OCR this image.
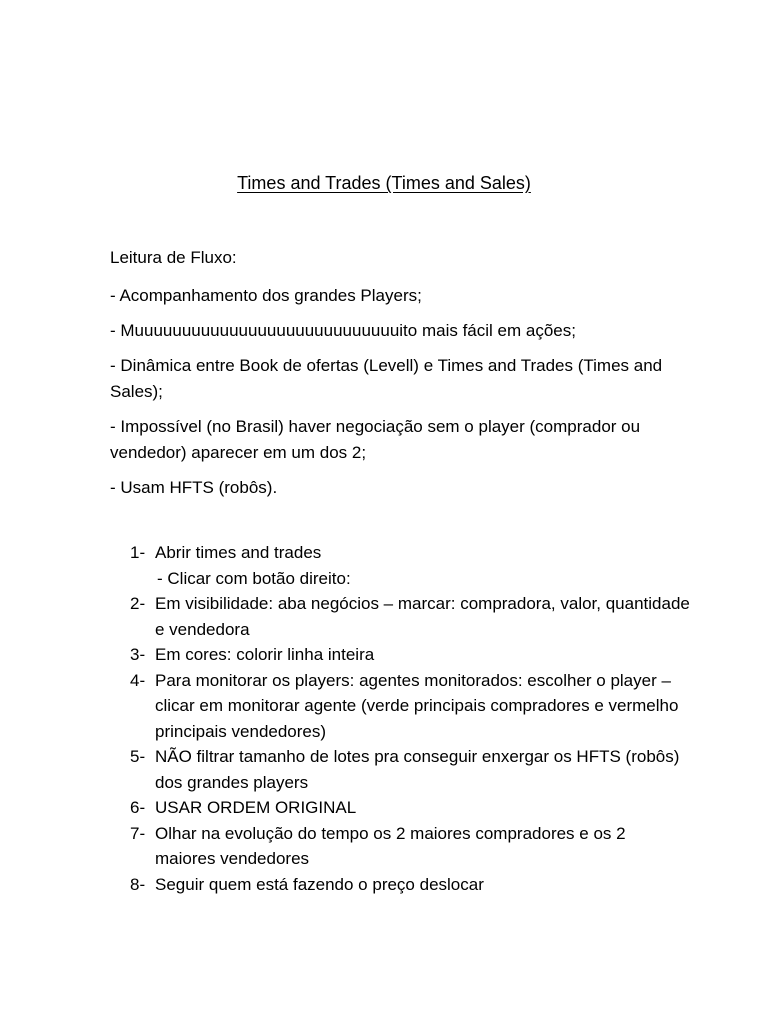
Times and Trades (Times and Sales)

Leitura de Fluxo:

- Acompanhamento dos grandes Players;

- Muuuuuuuuuuuuuuuuuuuuuuuuuuuuito mais fácil em ações;

- Dinâmica entre Book de ofertas (Levell) e Times and Trades (Times and Sales);

- Impossível (no Brasil) haver negociação sem o player (comprador ou vendedor) aparecer em um dos 2;

- Usam HFTS (robôs).

1- Abrir times and trades
- Clicar com botão direito:
2- Em visibilidade: aba negócios – marcar: compradora, valor, quantidade e vendedora
3- Em cores: colorir linha inteira
4- Para monitorar os players: agentes monitorados: escolher o player – clicar em monitorar agente (verde principais compradores e vermelho principais vendedores)
5- NÃO filtrar tamanho de lotes pra conseguir enxergar os HFTS (robôs) dos grandes players
6- USAR ORDEM ORIGINAL
7- Olhar na evolução do tempo os 2 maiores compradores e os 2 maiores vendedores
8- Seguir quem está fazendo o preço deslocar
